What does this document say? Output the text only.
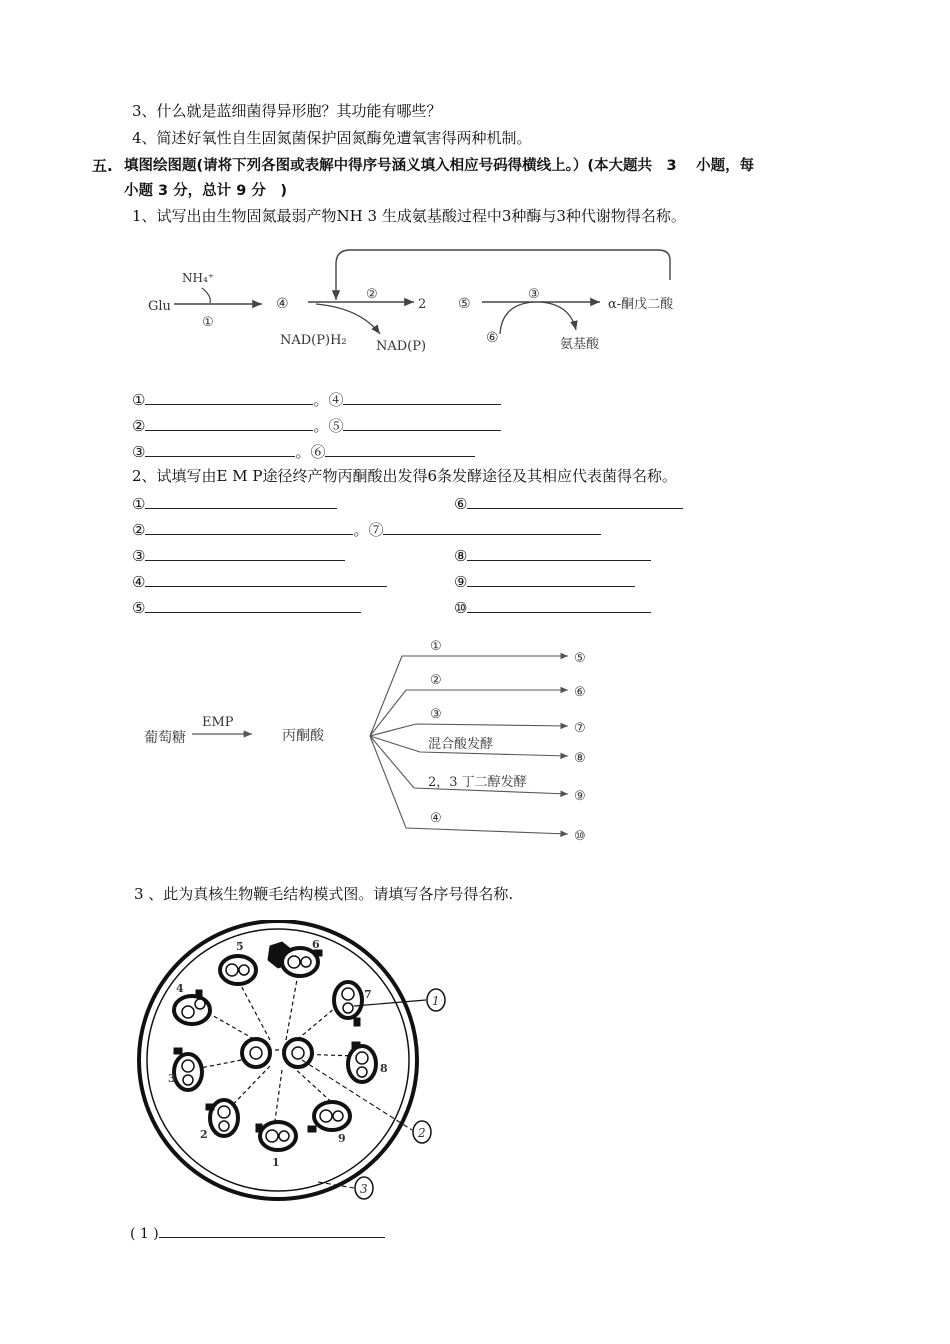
3、什么就是蓝细菌得异形胞？其功能有哪些？
4、简述好氧性自生固氮菌保护固氮酶免遭氧害得两种机制。
五. 填图绘图题(请将下列各图或表解中得序号涵义填入相应号码得横线上。）(本大题共　3　 小题，每
小题 3 分，总计 9 分　)
1、试写出由生物固氮最弱产物NH 3 生成氨基酸过程中3种酶与3种代谢物得名称。
Glu
NH₄⁺
①
④
②
2
NAD(P)H₂ NAD(P)
⑤
③
α-酮戊二酸
⑥	氨基酸
①	。④
②	。⑤
③	。⑥
2、试填写由E M P途径终产物丙酮酸出发得6条发酵途径及其相应代表菌得名称。
①	⑥
②	。⑦
③	⑧
④	⑨
⑤	⑩
葡萄糖
EMP
丙酮酸
①
②
③
混合酸发酵
2，3 丁二醇发酵
④
⑤
⑥
⑦
⑧
⑨
⑩
3 、此为真核生物鞭毛结构模式图。请填写各序号得名称.
4
5	6
7
8
9
1
2
3
1
2
3
( 1 )
